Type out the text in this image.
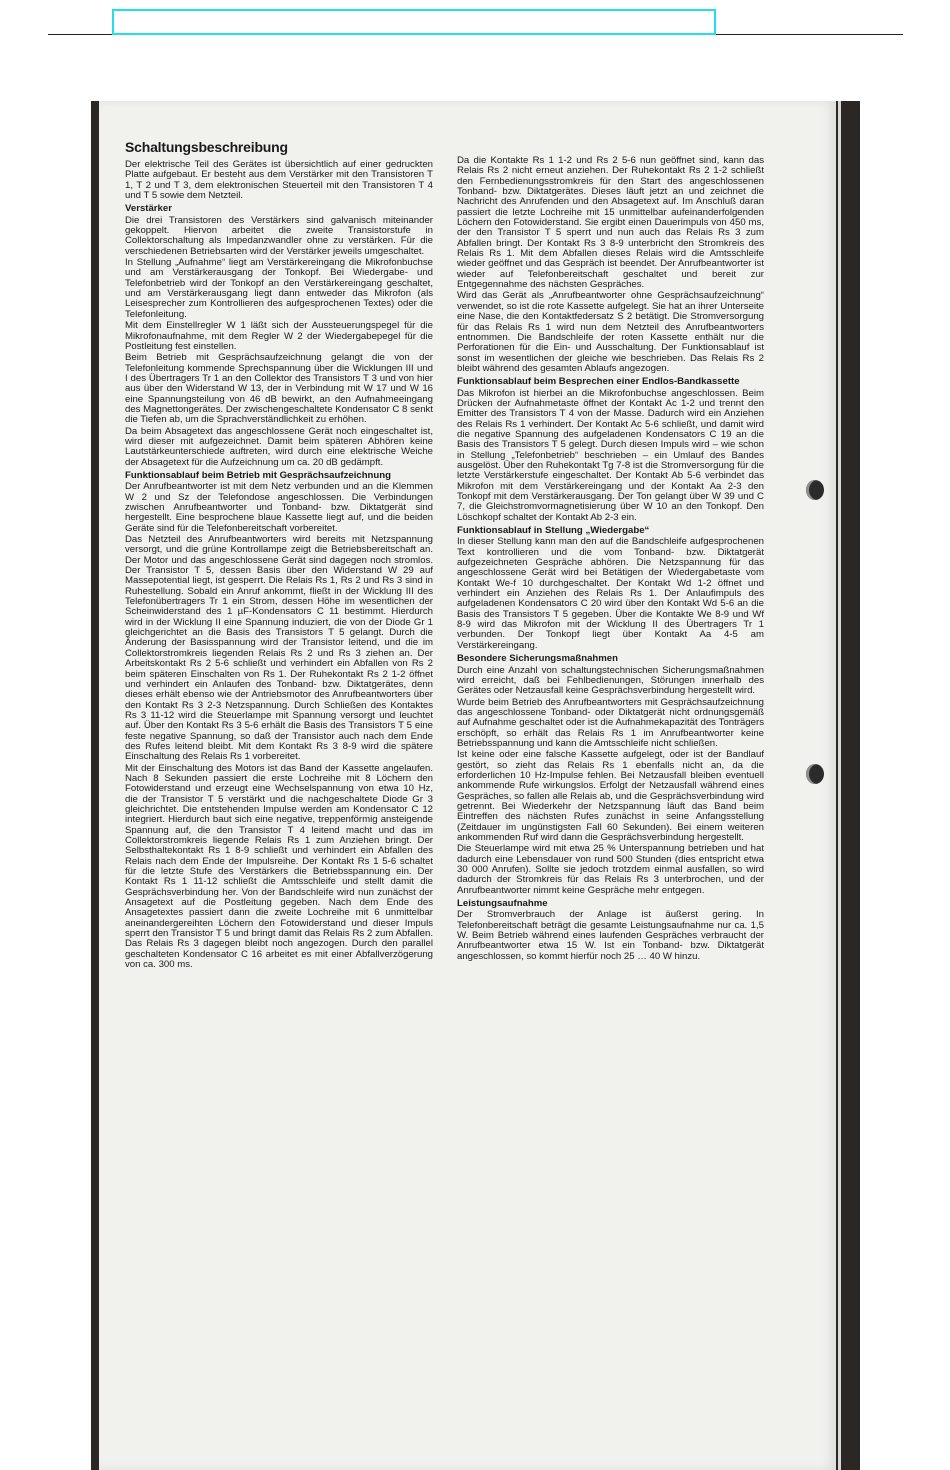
Schaltungsbeschreibung

Der elektrische Teil des Gerätes ist übersichtlich auf einer gedruckten Platte aufgebaut. Er besteht aus dem Verstärker mit den Transistoren T 1, T 2 und T 3, dem elektronischen Steuerteil mit den Transistoren T 4 und T 5 sowie dem Netzteil.

Verstärker

Die drei Transistoren des Verstärkers sind galvanisch miteinander gekoppelt. Hiervon arbeitet die zweite Transistorstufe in Collektorschaltung als Impedanzwandler ohne zu verstärken. Für die verschiedenen Betriebsarten wird der Verstärker jeweils umgeschaltet.

In Stellung „Aufnahme“ liegt am Verstärkereingang die Mikrofonbuchse und am Verstärkerausgang der Tonkopf. Bei Wiedergabe- und Telefonbetrieb wird der Tonkopf an den Verstärkereingang geschaltet, und am Verstärkerausgang liegt dann entweder das Mikrofon (als Leisesprecher zum Kontrollieren des aufgesprochenen Textes) oder die Telefonleitung.

Mit dem Einstellregler W 1 läßt sich der Aussteuerungspegel für die Mikrofonaufnahme, mit dem Regler W 2 der Wiedergabepegel für die Postleitung fest einstellen.

Beim Betrieb mit Gesprächsaufzeichnung gelangt die von der Telefonleitung kommende Sprechspannung über die Wicklungen III und I des Übertragers Tr 1 an den Collektor des Transistors T 3 und von hier aus über den Widerstand W 13, der in Verbindung mit W 17 und W 16 eine Spannungsteilung von 46 dB bewirkt, an den Aufnahmeeingang des Magnettongerätes. Der zwischengeschaltete Kondensator C 8 senkt die Tiefen ab, um die Sprachverständlichkeit zu erhöhen.

Da beim Absagetext das angeschlossene Gerät noch eingeschaltet ist, wird dieser mit aufgezeichnet. Damit beim späteren Abhören keine Lautstärkeunterschiede auftreten, wird durch eine elektrische Weiche der Absagetext für die Aufzeichnung um ca. 20 dB gedämpft.

Funktionsablauf beim Betrieb mit Gesprächsaufzeichnung

Der Anrufbeantworter ist mit dem Netz verbunden und an die Klemmen W 2 und Sz der Telefondose angeschlossen. Die Verbindungen zwischen Anrufbeantworter und Tonband- bzw. Diktatgerät sind hergestellt. Eine besprochene blaue Kassette liegt auf, und die beiden Geräte sind für die Telefonbereitschaft vorbereitet.

Das Netzteil des Anrufbeantworters wird bereits mit Netzspannung versorgt, und die grüne Kontrollampe zeigt die Betriebsbereitschaft an. Der Motor und das angeschlossene Gerät sind dagegen noch stromlos. Der Transistor T 5, dessen Basis über den Widerstand W 29 auf Massepotential liegt, ist gesperrt. Die Relais Rs 1, Rs 2 und Rs 3 sind in Ruhestellung. Sobald ein Anruf ankommt, fließt in der Wicklung III des Telefonübertragers Tr 1 ein Strom, dessen Höhe im wesentlichen der Scheinwiderstand des 1 µF-Kondensators C 11 bestimmt. Hierdurch wird in der Wicklung II eine Spannung induziert, die von der Diode Gr 1 gleichgerichtet an die Basis des Transistors T 5 gelangt. Durch die Änderung der Basisspannung wird der Transistor leitend, und die im Collektorstromkreis liegenden Relais Rs 2 und Rs 3 ziehen an. Der Arbeitskontakt Rs 2 5-6 schließt und verhindert ein Abfallen von Rs 2 beim späteren Einschalten von Rs 1. Der Ruhekontakt Rs 2 1-2 öffnet und verhindert ein Anlaufen des Tonband- bzw. Diktatgerätes, denn dieses erhält ebenso wie der Antriebsmotor des Anrufbeantworters über den Kontakt Rs 3 2-3 Netzspannung. Durch Schließen des Kontaktes Rs 3 11-12 wird die Steuerlampe mit Spannung versorgt und leuchtet auf. Über den Kontakt Rs 3 5-6 erhält die Basis des Transistors T 5 eine feste negative Spannung, so daß der Transistor auch nach dem Ende des Rufes leitend bleibt. Mit dem Kontakt Rs 3 8-9 wird die spätere Einschaltung des Relais Rs 1 vorbereitet.

Mit der Einschaltung des Motors ist das Band der Kassette angelaufen. Nach 8 Sekunden passiert die erste Lochreihe mit 8 Löchern den Fotowiderstand und erzeugt eine Wechselspannung von etwa 10 Hz, die der Transistor T 5 verstärkt und die nachgeschaltete Diode Gr 3 gleichrichtet. Die entstehenden Impulse werden am Kondensator C 12 integriert. Hierdurch baut sich eine negative, treppenförmig ansteigende Spannung auf, die den Transistor T 4 leitend macht und das im Collektorstromkreis liegende Relais Rs 1 zum Anziehen bringt. Der Selbsthaltekontakt Rs 1 8-9 schließt und verhindert ein Abfallen des Relais nach dem Ende der Impulsreihe. Der Kontakt Rs 1 5-6 schaltet für die letzte Stufe des Verstärkers die Betriebsspannung ein. Der Kontakt Rs 1 11-12 schließt die Amtsschleife und stellt damit die Gesprächsverbindung her. Von der Bandschleife wird nun zunächst der Ansagetext auf die Postleitung gegeben. Nach dem Ende des Ansagetextes passiert dann die zweite Lochreihe mit 6 unmittelbar aneinandergereihten Löchern den Fotowiderstand und dieser Impuls sperrt den Transistor T 5 und bringt damit das Relais Rs 2 zum Abfallen. Das Relais Rs 3 dagegen bleibt noch angezogen. Durch den parallel geschalteten Kondensator C 16 arbeitet es mit einer Abfallverzögerung von ca. 300 ms.

Da die Kontakte Rs 1 1-2 und Rs 2 5-6 nun geöffnet sind, kann das Relais Rs 2 nicht erneut anziehen. Der Ruhekontakt Rs 2 1-2 schließt den Fernbedienungsstromkreis für den Start des angeschlossenen Tonband- bzw. Diktatgerätes. Dieses läuft jetzt an und zeichnet die Nachricht des Anrufenden und den Absagetext auf. Im Anschluß daran passiert die letzte Lochreihe mit 15 unmittelbar aufeinanderfolgenden Löchern den Fotowiderstand. Sie ergibt einen Dauerimpuls von 450 ms, der den Transistor T 5 sperrt und nun auch das Relais Rs 3 zum Abfallen bringt. Der Kontakt Rs 3 8-9 unterbricht den Stromkreis des Relais Rs 1. Mit dem Abfallen dieses Relais wird die Amtsschleife wieder geöffnet und das Gespräch ist beendet. Der Anrufbeantworter ist wieder auf Telefonbereitschaft geschaltet und bereit zur Entgegennahme des nächsten Gespräches.

Wird das Gerät als „Anrufbeantworter ohne Gesprächsaufzeichnung“ verwendet, so ist die rote Kassette aufgelegt. Sie hat an ihrer Unterseite eine Nase, die den Kontaktfedersatz S 2 betätigt. Die Stromversorgung für das Relais Rs 1 wird nun dem Netzteil des Anrufbeantworters entnommen. Die Bandschleife der roten Kassette enthält nur die Perforationen für die Ein- und Ausschaltung. Der Funktionsablauf ist sonst im wesentlichen der gleiche wie beschrieben. Das Relais Rs 2 bleibt während des gesamten Ablaufs angezogen.

Funktionsablauf beim Besprechen einer Endlos-Bandkassette

Das Mikrofon ist hierbei an die Mikrofonbuchse angeschlossen. Beim Drücken der Aufnahmetaste öffnet der Kontakt Ac 1-2 und trennt den Emitter des Transistors T 4 von der Masse. Dadurch wird ein Anziehen des Relais Rs 1 verhindert. Der Kontakt Ac 5-6 schließt, und damit wird die negative Spannung des aufgeladenen Kondensators C 19 an die Basis des Transistors T 5 gelegt. Durch diesen Impuls wird – wie schon in Stellung „Telefonbetrieb“ beschrieben – ein Umlauf des Bandes ausgelöst. Über den Ruhekontakt Tg 7-8 ist die Stromversorgung für die letzte Verstärkerstufe eingeschaltet. Der Kontakt Ab 5-6 verbindet das Mikrofon mit dem Verstärkereingang und der Kontakt Aa 2-3 den Tonkopf mit dem Verstärkerausgang. Der Ton gelangt über W 39 und C 7, die Gleichstromvormagnetisierung über W 10 an den Tonkopf. Den Löschkopf schaltet der Kontakt Ab 2-3 ein.

Funktionsablauf in Stellung „Wiedergabe“

In dieser Stellung kann man den auf die Bandschleife aufgesprochenen Text kontrollieren und die vom Tonband- bzw. Diktatgerät aufgezeichneten Gespräche abhören. Die Netzspannung für das angeschlossene Gerät wird bei Betätigen der Wiedergabetaste vom Kontakt We-f 10 durchgeschaltet. Der Kontakt Wd 1-2 öffnet und verhindert ein Anziehen des Relais Rs 1. Der Anlaufimpuls des aufgeladenen Kondensators C 20 wird über den Kontakt Wd 5-6 an die Basis des Transistors T 5 gegeben. Über die Kontakte We 8-9 und Wf 8-9 wird das Mikrofon mit der Wicklung II des Übertragers Tr 1 verbunden. Der Tonkopf liegt über Kontakt Aa 4-5 am Verstärkereingang.

Besondere Sicherungsmaßnahmen

Durch eine Anzahl von schaltungstechnischen Sicherungsmaßnahmen wird erreicht, daß bei Fehlbedienungen, Störungen innerhalb des Gerätes oder Netzausfall keine Gesprächsverbindung hergestellt wird.

Wurde beim Betrieb des Anrufbeantworters mit Gesprächsaufzeichnung das angeschlossene Tonband- oder Diktatgerät nicht ordnungsgemäß auf Aufnahme geschaltet oder ist die Aufnahmekapazität des Tonträgers erschöpft, so erhält das Relais Rs 1 im Anrufbeantworter keine Betriebsspannung und kann die Amtsschleife nicht schließen.

Ist keine oder eine falsche Kassette aufgelegt, oder ist der Bandlauf gestört, so zieht das Relais Rs 1 ebenfalls nicht an, da die erforderlichen 10 Hz-Impulse fehlen. Bei Netzausfall bleiben eventuell ankommende Rufe wirkungslos. Erfolgt der Netzausfall während eines Gespräches, so fallen alle Relais ab, und die Gesprächsverbindung wird getrennt. Bei Wiederkehr der Netzspannung läuft das Band beim Eintreffen des nächsten Rufes zunächst in seine Anfangsstellung (Zeitdauer im ungünstigsten Fall 60 Sekunden). Bei einem weiteren ankommenden Ruf wird dann die Gesprächsverbindung hergestellt.

Die Steuerlampe wird mit etwa 25 % Unterspannung betrieben und hat dadurch eine Lebensdauer von rund 500 Stunden (dies entspricht etwa 30 000 Anrufen). Sollte sie jedoch trotzdem einmal ausfallen, so wird dadurch der Stromkreis für das Relais Rs 3 unterbrochen, und der Anrufbeantworter nimmt keine Gespräche mehr entgegen.

Leistungsaufnahme

Der Stromverbrauch der Anlage ist äußerst gering. In Telefonbereitschaft beträgt die gesamte Leistungsaufnahme nur ca. 1,5 W. Beim Betrieb während eines laufenden Gespräches verbraucht der Anrufbeantworter etwa 15 W. Ist ein Tonband- bzw. Diktatgerät angeschlossen, so kommt hierfür noch 25 … 40 W hinzu.
